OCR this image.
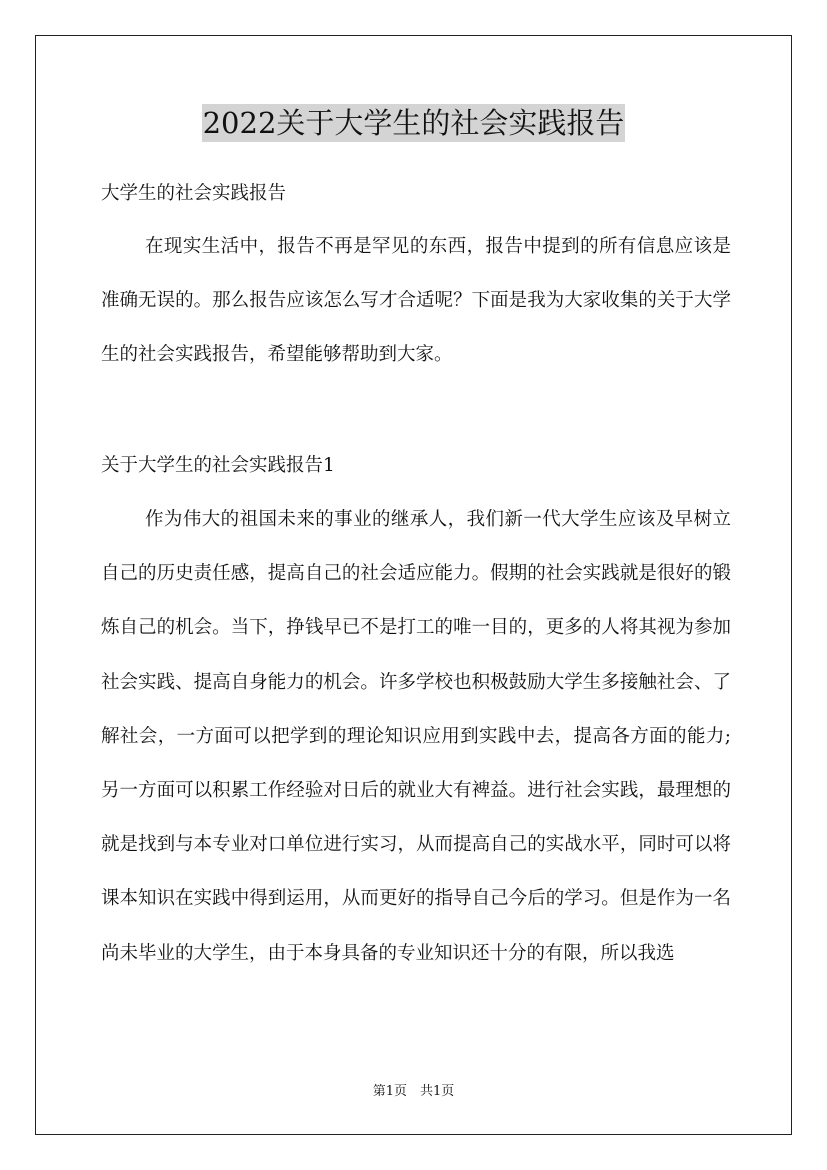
2022关于大学生的社会实践报告
大学生的社会实践报告

在现实生活中，报告不再是罕见的东西，报告中提到的所有信息应该是准确无误的。那么报告应该怎么写才合适呢？下面是我为大家收集的关于大学生的社会实践报告，希望能够帮助到大家。

关于大学生的社会实践报告1

作为伟大的祖国未来的事业的继承人，我们新一代大学生应该及早树立自己的历史责任感，提高自己的社会适应能力。假期的社会实践就是很好的锻炼自己的机会。当下，挣钱早已不是打工的唯一目的，更多的人将其视为参加社会实践、提高自身能力的机会。许多学校也积极鼓励大学生多接触社会、了解社会，一方面可以把学到的理论知识应用到实践中去，提高各方面的能力;另一方面可以积累工作经验对日后的就业大有裨益。进行社会实践，最理想的就是找到与本专业对口单位进行实习，从而提高自己的实战水平，同时可以将课本知识在实践中得到运用，从而更好的指导自己今后的学习。但是作为一名尚未毕业的大学生，由于本身具备的专业知识还十分的有限，所以我选

第1页　共1页
